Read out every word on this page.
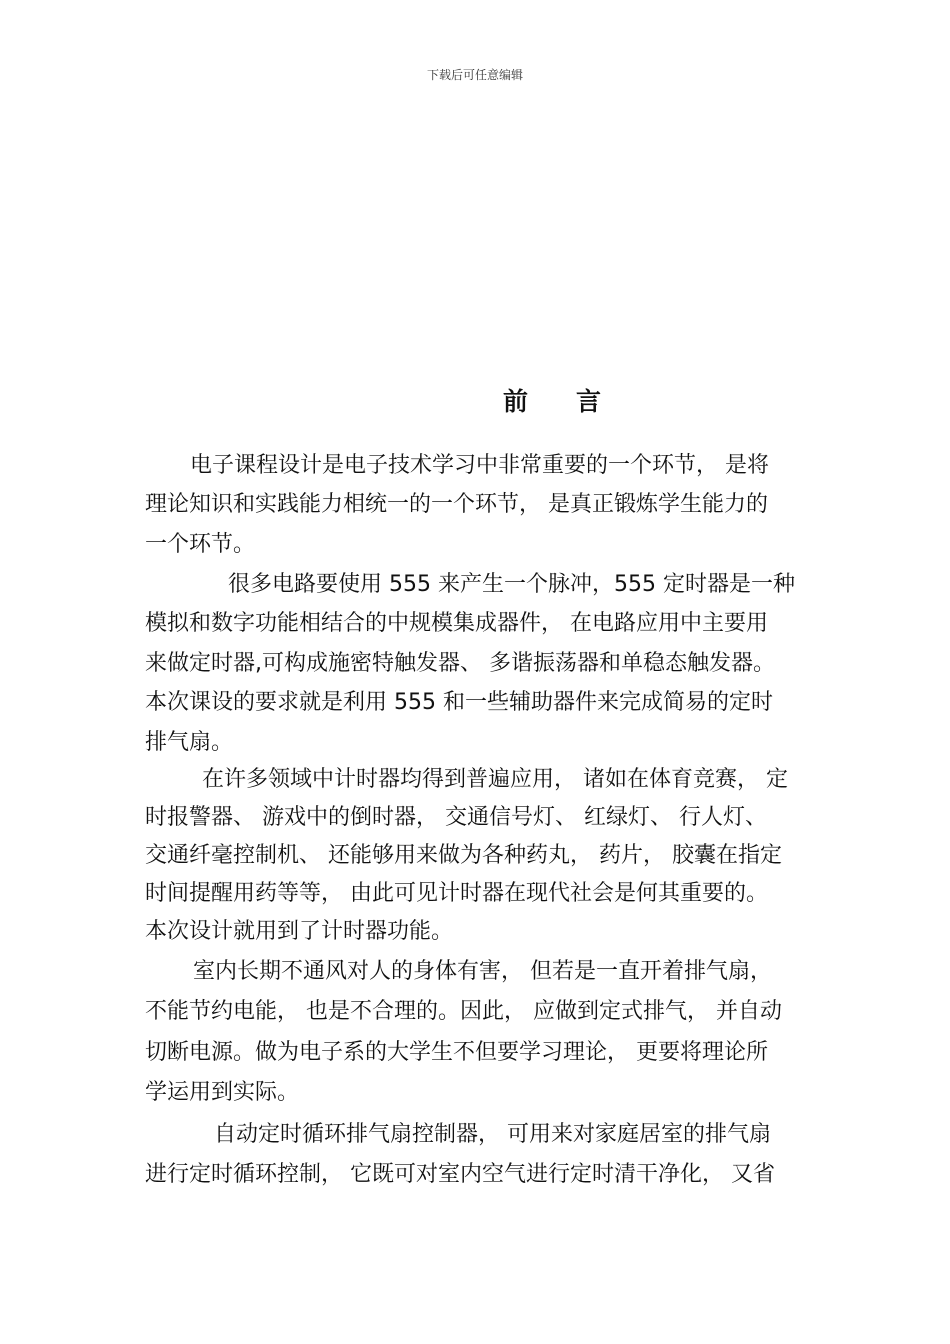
下载后可任意编辑
前 言
电子课程设计是电子技术学习中非常重要的一个环节， 是将
理论知识和实践能力相统一的一个环节， 是真正锻炼学生能力的
一个环节。
很多电路要使用 555 来产生一个脉冲，555 定时器是一种
模拟和数字功能相结合的中规模集成器件， 在电路应用中主要用
来做定时器,可构成施密特触发器、 多谐振荡器和单稳态触发器。
本次课设的要求就是利用 555 和一些辅助器件来完成简易的定时
排气扇。
在许多领域中计时器均得到普遍应用， 诸如在体育竞赛， 定
时报警器、 游戏中的倒时器， 交通信号灯、 红绿灯、 行人灯、
交通纤毫控制机、 还能够用来做为各种药丸， 药片， 胶囊在指定
时间提醒用药等等， 由此可见计时器在现代社会是何其重要的。
本次设计就用到了计时器功能。
室内长期不通风对人的身体有害， 但若是一直开着排气扇，
不能节约电能， 也是不合理的。因此， 应做到定式排气， 并自动
切断电源。做为电子系的大学生不但要学习理论， 更要将理论所
学运用到实际。
自动定时循环排气扇控制器， 可用来对家庭居室的排气扇
进行定时循环控制， 它既可对室内空气进行定时清干净化， 又省
